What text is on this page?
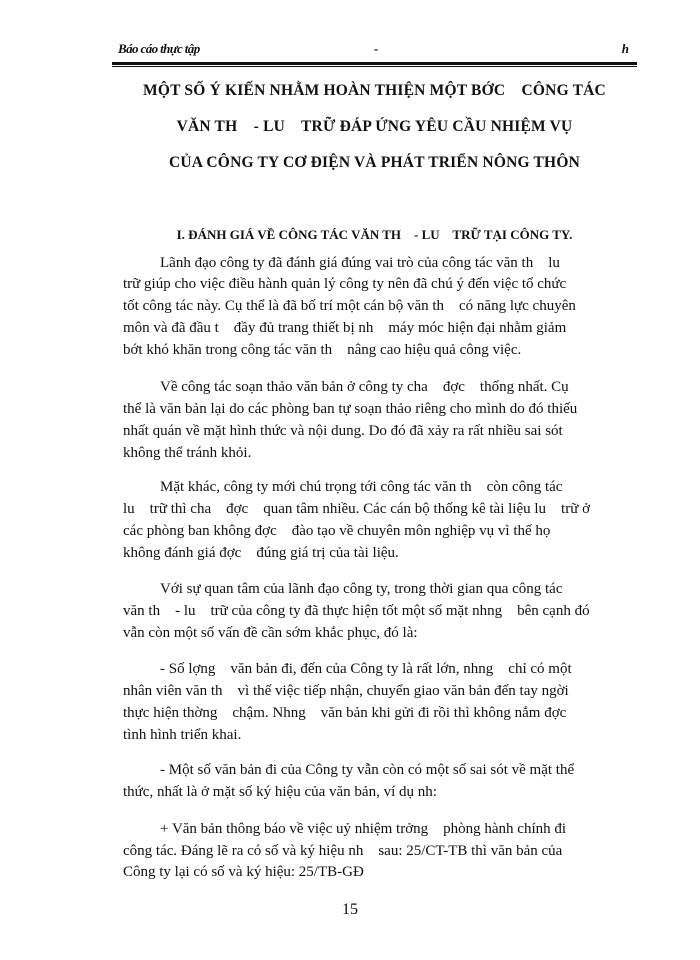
Báo cáo thực tập	-	h
MỘT SỐ Ý KIẾN NHẰM HOÀN THIỆN MỘT BỚC    CÔNG TÁC
VĂN TH    - LU    TRỮ ĐÁP ỨNG YÊU CẦU NHIỆM VỤ
CỦA CÔNG TY CƠ ĐIỆN VÀ PHÁT TRIỂN NÔNG THÔN
I. ĐÁNH GIÁ VỀ CÔNG TÁC VĂN TH    - LU    TRỮ TẠI CÔNG TY.
Lãnh đạo công ty đã đánh giá đúng vai trò của công tác văn th    lu
trữ giúp cho việc điều hành quản lý công ty nên đã chú ý đến việc tổ chức
tốt công tác này. Cụ thể là đã bố trí một cán bộ văn th    có năng lực chuyên
môn và đã đầu t    đầy đủ trang thiết bị nh    máy móc hiện đại nhằm giảm
bớt khó khăn trong công tác văn th    nâng cao hiệu quả công việc.
Về công tác soạn thảo văn bản ở công ty cha    đợc    thống nhất. Cụ
thể là văn bản lại do các phòng ban tự soạn thảo riêng cho mình do đó thiếu
nhất quán về mặt hình thức và nội dung. Do đó đã xảy ra rất nhiều sai sót
không thể tránh khỏi.
Mặt khác, công ty mới chú trọng tới công tác văn th    còn công tác
lu    trữ thì cha    đợc    quan tâm nhiều. Các cán bộ thống kê tài liệu lu    trữ ở
các phòng ban không đợc    đào tạo về chuyên môn nghiệp vụ vì thế họ
không đánh giá đợc    đúng giá trị của tài liệu.
Với sự quan tâm của lãnh đạo công ty, trong thời gian qua công tác
văn th    - lu    trữ của công ty đã thực hiện tốt một số mặt nhng    bên cạnh đó
vẫn còn một số vấn đề cần sớm khắc phục, đó là:
- Số lợng    văn bản đi, đến của Công ty là rất lớn, nhng    chỉ có một
nhân viên văn th    vì thế việc tiếp nhận, chuyển giao văn bản đến tay ngời
thực hiện thờng    chậm. Nhng    văn bản khi gửi đi rồi thì không nắm đợc
tình hình triển khai.
- Một số văn bản đi của Công ty vẫn còn có một số sai sót về mặt thể
thức, nhất là ở mặt số ký hiệu của văn bản, ví dụ nh:
+ Văn bản thông báo về việc uỷ nhiệm trởng    phòng hành chính đi
công tác. Đáng lẽ ra có số và ký hiệu nh    sau: 25/CT-TB thì văn bản của
Công ty lại có số và ký hiệu: 25/TB-GĐ
15
